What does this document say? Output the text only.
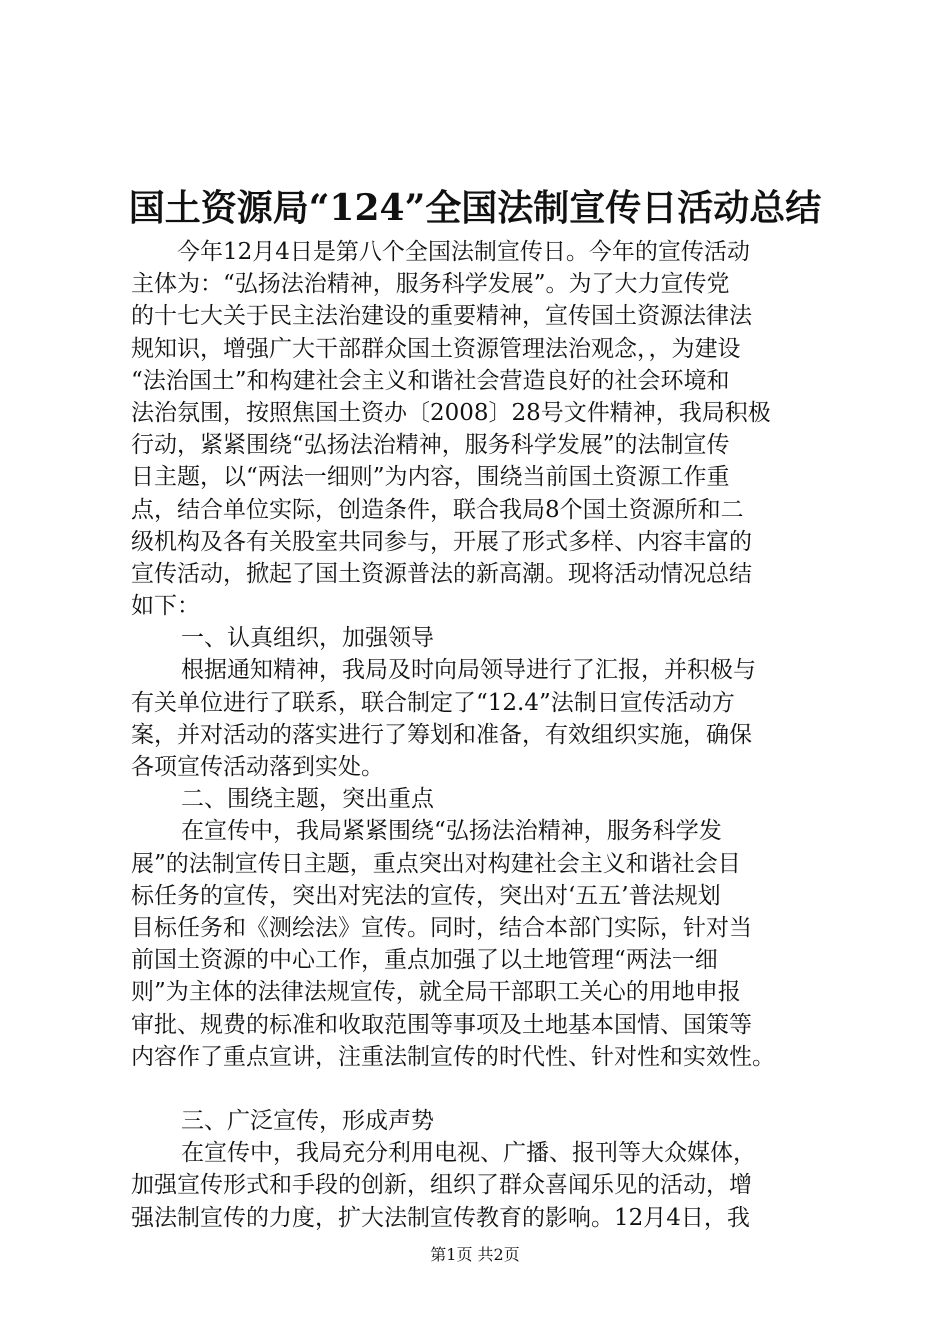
国土资源局“124”全国法制宣传日活动总结
今年12月4日是第八个全国法制宣传日。今年的宣传活动
主体为：“弘扬法治精神，服务科学发展”。为了大力宣传党
的十七大关于民主法治建设的重要精神，宣传国土资源法律法
规知识，增强广大干部群众国土资源管理法治观念，，为建设
“法治国土”和构建社会主义和谐社会营造良好的社会环境和
法治氛围，按照焦国土资办〔2008〕28号文件精神，我局积极
行动，紧紧围绕“弘扬法治精神，服务科学发展”的法制宣传
日主题，以“两法一细则”为内容，围绕当前国土资源工作重
点，结合单位实际，创造条件，联合我局8个国土资源所和二
级机构及各有关股室共同参与，开展了形式多样、内容丰富的
宣传活动，掀起了国土资源普法的新高潮。现将活动情况总结
如下：
一、认真组织，加强领导
根据通知精神，我局及时向局领导进行了汇报，并积极与
有关单位进行了联系，联合制定了“12.4”法制日宣传活动方
案，并对活动的落实进行了筹划和准备，有效组织实施，确保
各项宣传活动落到实处。
二、围绕主题，突出重点
在宣传中，我局紧紧围绕“弘扬法治精神，服务科学发
展”的法制宣传日主题，重点突出对构建社会主义和谐社会目
标任务的宣传，突出对宪法的宣传，突出对‘五五’普法规划
目标任务和《测绘法》宣传。同时，结合本部门实际，针对当
前国土资源的中心工作，重点加强了以土地管理“两法一细
则”为主体的法律法规宣传，就全局干部职工关心的用地申报
审批、规费的标准和收取范围等事项及土地基本国情、国策等
内容作了重点宣讲，注重法制宣传的时代性、针对性和实效性。
三、广泛宣传，形成声势
在宣传中，我局充分利用电视、广播、报刊等大众媒体，
加强宣传形式和手段的创新，组织了群众喜闻乐见的活动，增
强法制宣传的力度，扩大法制宣传教育的影响。12月4日，我
第1页 共2页
